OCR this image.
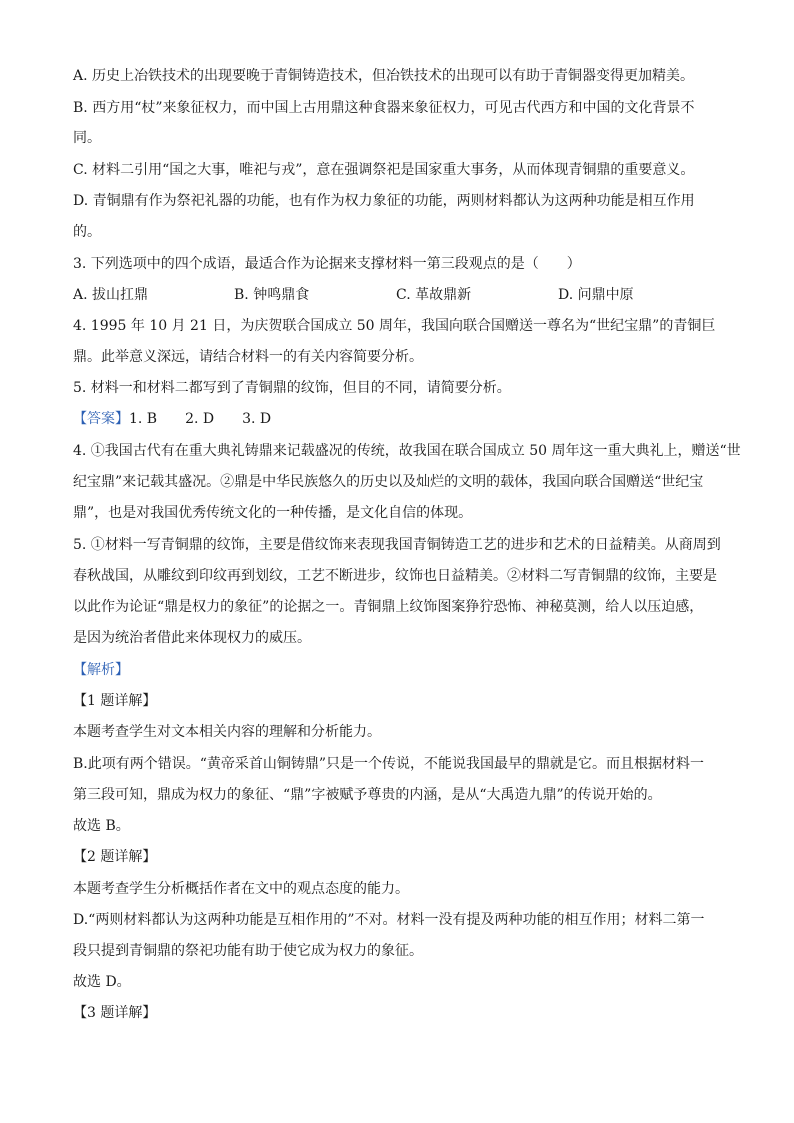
A. 历史上冶铁技术的出现要晚于青铜铸造技术，但冶铁技术的出现可以有助于青铜器变得更加精美。
B. 西方用“杖”来象征权力，而中国上古用鼎这种食器来象征权力，可见古代西方和中国的文化背景不
同。
C. 材料二引用“国之大事，唯祀与戎”，意在强调祭祀是国家重大事务，从而体现青铜鼎的重要意义。
D. 青铜鼎有作为祭祀礼器的功能，也有作为权力象征的功能，两则材料都认为这两种功能是相互作用
的。
3. 下列选项中的四个成语，最适合作为论据来支撑材料一第三段观点的是（　　）
A. 拔山扛鼎	B. 钟鸣鼎食	C. 革故鼎新	D. 问鼎中原
4. 1995 年 10 月 21 日，为庆贺联合国成立 50 周年，我国向联合国赠送一尊名为“世纪宝鼎”的青铜巨
鼎。此举意义深远，请结合材料一的有关内容简要分析。
5. 材料一和材料二都写到了青铜鼎的纹饰，但目的不同，请简要分析。
【答案】1. B　　2. D　　3. D
4. ①我国古代有在重大典礼铸鼎来记载盛况的传统，故我国在联合国成立 50 周年这一重大典礼上，赠送“世
纪宝鼎”来记载其盛况。②鼎是中华民族悠久的历史以及灿烂的文明的载体，我国向联合国赠送“世纪宝
鼎”，也是对我国优秀传统文化的一种传播，是文化自信的体现。
5. ①材料一写青铜鼎的纹饰，主要是借纹饰来表现我国青铜铸造工艺的进步和艺术的日益精美。从商周到
春秋战国，从雕纹到印纹再到划纹，工艺不断进步，纹饰也日益精美。②材料二写青铜鼎的纹饰，主要是
以此作为论证“鼎是权力的象征”的论据之一。青铜鼎上纹饰图案狰狞恐怖、神秘莫测，给人以压迫感，
是因为统治者借此来体现权力的威压。
【解析】
【1 题详解】
本题考查学生对文本相关内容的理解和分析能力。
B.此项有两个错误。“黄帝采首山铜铸鼎”只是一个传说，不能说我国最早的鼎就是它。而且根据材料一
第三段可知，鼎成为权力的象征、“鼎”字被赋予尊贵的内涵，是从“大禹造九鼎”的传说开始的。
故选 B。
【2 题详解】
本题考查学生分析概括作者在文中的观点态度的能力。
D.“两则材料都认为这两种功能是互相作用的”不对。材料一没有提及两种功能的相互作用；材料二第一
段只提到青铜鼎的祭祀功能有助于使它成为权力的象征。
故选 D。
【3 题详解】
